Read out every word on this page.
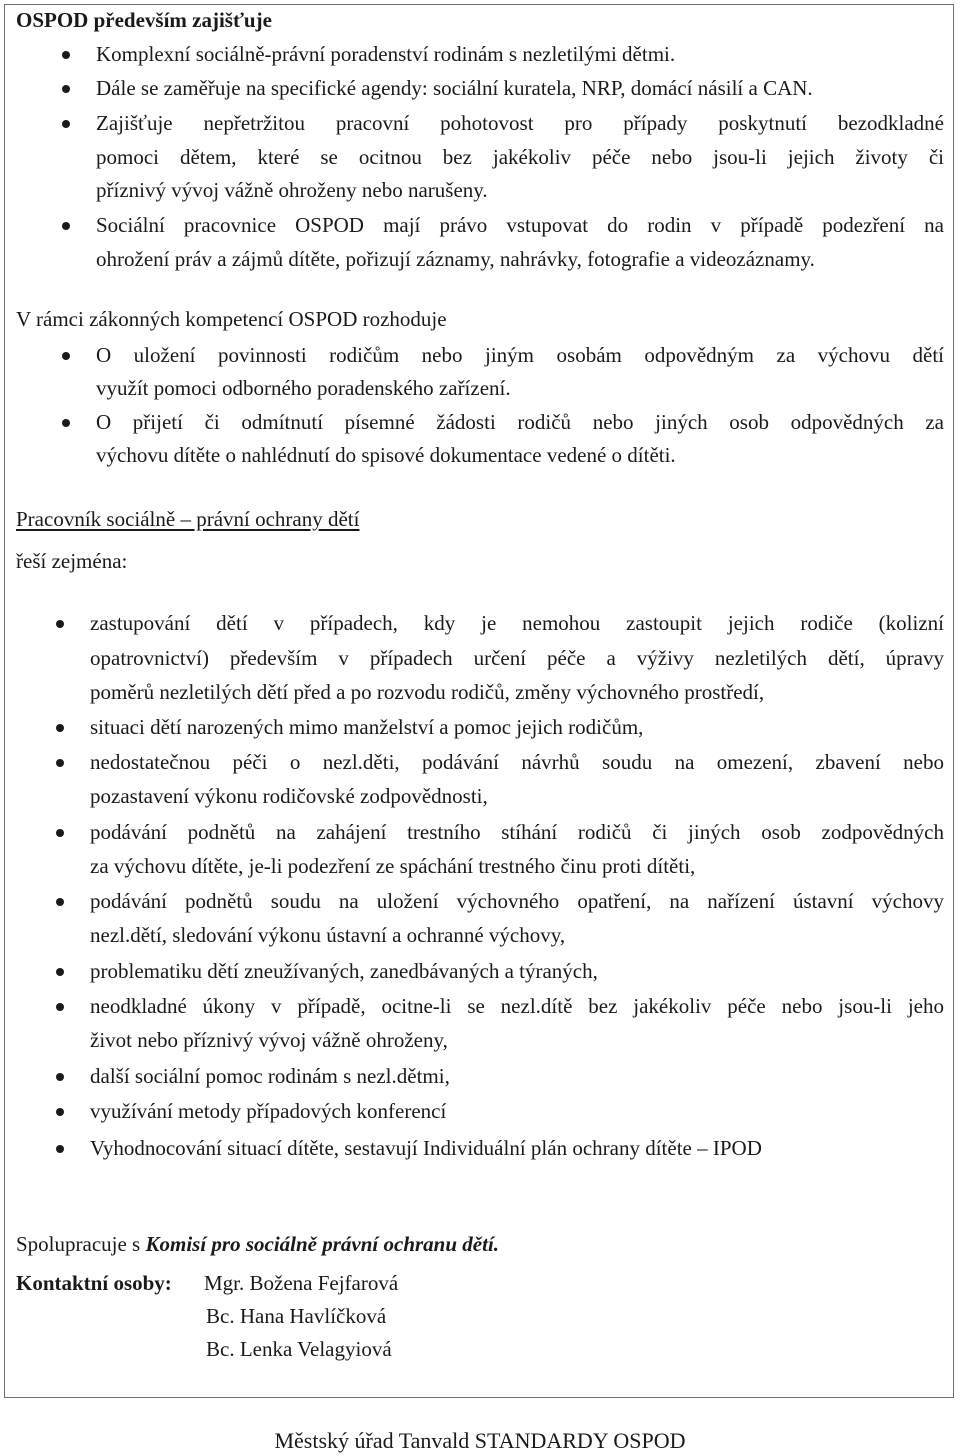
OSPOD především zajišťuje
Komplexní sociálně-právní poradenství rodinám s nezletilými dětmi.
Dále se zaměřuje na specifické agendy: sociální kuratela, NRP, domácí násilí a CAN.
Zajišťuje nepřetržitou pracovní pohotovost pro případy poskytnutí bezodkladné
pomoci dětem, které se ocitnou bez jakékoliv péče nebo jsou-li jejich životy či
příznivý vývoj vážně ohroženy nebo narušeny.
Sociální pracovnice OSPOD mají právo vstupovat do rodin v případě podezření na
ohrožení práv a zájmů dítěte, pořizují záznamy, nahrávky, fotografie a videozáznamy.
V rámci zákonných kompetencí OSPOD rozhoduje
O uložení povinnosti rodičům nebo jiným osobám odpovědným za výchovu dětí
využít pomoci odborného poradenského zařízení.
O přijetí či odmítnutí písemné žádosti rodičů nebo jiných osob odpovědných za
výchovu dítěte o nahlédnutí do spisové dokumentace vedené o dítěti.
Pracovník sociálně – právní ochrany dětí
řeší zejména:
zastupování dětí v případech, kdy je nemohou zastoupit jejich rodiče (kolizní
opatrovnictví) především v případech určení péče a výživy nezletilých dětí, úpravy
poměrů nezletilých dětí před a po rozvodu rodičů, změny výchovného prostředí,
situaci dětí narozených mimo manželství a pomoc jejich rodičům,
nedostatečnou péči o nezl.děti, podávání návrhů soudu na omezení, zbavení nebo
pozastavení výkonu rodičovské zodpovědnosti,
podávání podnětů na zahájení trestního stíhání rodičů či jiných osob zodpovědných
za výchovu dítěte, je-li podezření ze spáchání trestného činu proti dítěti,
podávání podnětů soudu na uložení výchovného opatření, na nařízení ústavní výchovy
nezl.dětí, sledování výkonu ústavní a ochranné výchovy,
problematiku dětí zneužívaných, zanedbávaných a týraných,
neodkladné úkony v případě, ocitne-li se nezl.dítě bez jakékoliv péče nebo jsou-li jeho
život nebo příznivý vývoj vážně ohroženy,
další sociální pomoc rodinám s nezl.dětmi,
využívání metody případových konferencí
Vyhodnocování situací dítěte, sestavují Individuální plán ochrany dítěte – IPOD
Spolupracuje s Komisí pro sociálně právní ochranu dětí.
Kontaktní osoby: Mgr. Božena Fejfarová
Bc. Hana Havlíčková
Bc. Lenka Velagyiová
Městský úřad Tanvald STANDARDY OSPOD
